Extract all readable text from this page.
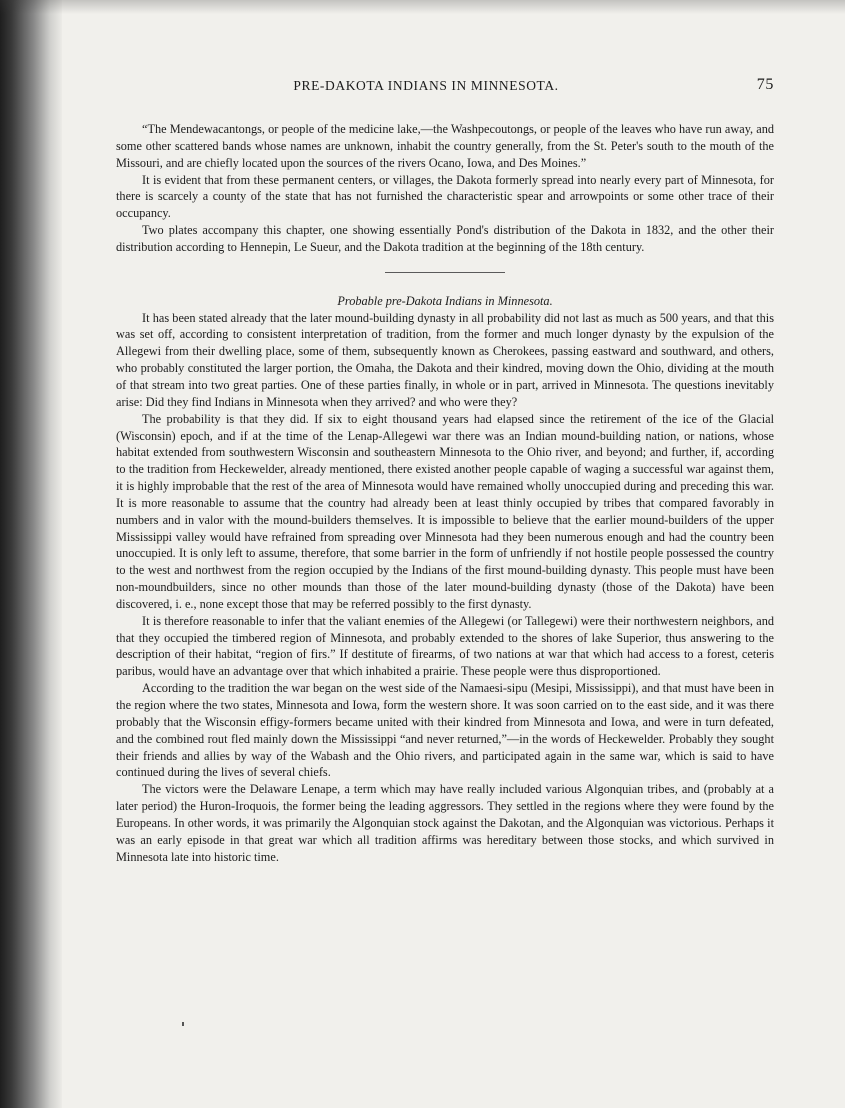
PRE-DAKOTA INDIANS IN MINNESOTA.	75

“The Mendewacantongs, or people of the medicine lake,—the Washpecoutongs, or people of the leaves who have run away, and some other scattered bands whose names are unknown, inhabit the country generally, from the St. Peter's south to the mouth of the Missouri, and are chiefly located upon the sources of the rivers Ocano, Iowa, and Des Moines.”

It is evident that from these permanent centers, or villages, the Dakota formerly spread into nearly every part of Minnesota, for there is scarcely a county of the state that has not furnished the characteristic spear and arrowpoints or some other trace of their occupancy.

Two plates accompany this chapter, one showing essentially Pond's distribution of the Dakota in 1832, and the other their distribution according to Hennepin, Le Sueur, and the Dakota tradition at the beginning of the 18th century.

Probable pre-Dakota Indians in Minnesota.

It has been stated already that the later mound-building dynasty in all probability did not last as much as 500 years, and that this was set off, according to consistent interpretation of tradition, from the former and much longer dynasty by the expulsion of the Allegewi from their dwelling place, some of them, subsequently known as Cherokees, passing eastward and southward, and others, who probably constituted the larger portion, the Omaha, the Dakota and their kindred, moving down the Ohio, dividing at the mouth of that stream into two great parties. One of these parties finally, in whole or in part, arrived in Minnesota. The questions inevitably arise: Did they find Indians in Minnesota when they arrived? and who were they?

The probability is that they did. If six to eight thousand years had elapsed since the retirement of the ice of the Glacial (Wisconsin) epoch, and if at the time of the Lenap-Allegewi war there was an Indian mound-building nation, or nations, whose habitat extended from southwestern Wisconsin and southeastern Minnesota to the Ohio river, and beyond; and further, if, according to the tradition from Heckewelder, already mentioned, there existed another people capable of waging a successful war against them, it is highly improbable that the rest of the area of Minnesota would have remained wholly unoccupied during and preceding this war. It is more reasonable to assume that the country had already been at least thinly occupied by tribes that compared favorably in numbers and in valor with the mound-builders themselves. It is impossible to believe that the earlier mound-builders of the upper Mississippi valley would have refrained from spreading over Minnesota had they been numerous enough and had the country been unoccupied. It is only left to assume, therefore, that some barrier in the form of unfriendly if not hostile people possessed the country to the west and northwest from the region occupied by the Indians of the first mound-building dynasty. This people must have been non-moundbuilders, since no other mounds than those of the later mound-building dynasty (those of the Dakota) have been discovered, i. e., none except those that may be referred possibly to the first dynasty.

It is therefore reasonable to infer that the valiant enemies of the Allegewi (or Tallegewi) were their northwestern neighbors, and that they occupied the timbered region of Minnesota, and probably extended to the shores of lake Superior, thus answering to the description of their habitat, “region of firs.” If destitute of firearms, of two nations at war that which had access to a forest, ceteris paribus, would have an advantage over that which inhabited a prairie. These people were thus disproportioned.

According to the tradition the war began on the west side of the Namaesi-sipu (Mesipi, Mississippi), and that must have been in the region where the two states, Minnesota and Iowa, form the western shore. It was soon carried on to the east side, and it was there probably that the Wisconsin effigy-formers became united with their kindred from Minnesota and Iowa, and were in turn defeated, and the combined rout fled mainly down the Mississippi “and never returned,”—in the words of Heckewelder. Probably they sought their friends and allies by way of the Wabash and the Ohio rivers, and participated again in the same war, which is said to have continued during the lives of several chiefs.

The victors were the Delaware Lenape, a term which may have really included various Algonquian tribes, and (probably at a later period) the Huron-Iroquois, the former being the leading aggressors. They settled in the regions where they were found by the Europeans. In other words, it was primarily the Algonquian stock against the Dakotan, and the Algonquian was victorious. Perhaps it was an early episode in that great war which all tradition affirms was hereditary between those stocks, and which survived in Minnesota late into historic time.
